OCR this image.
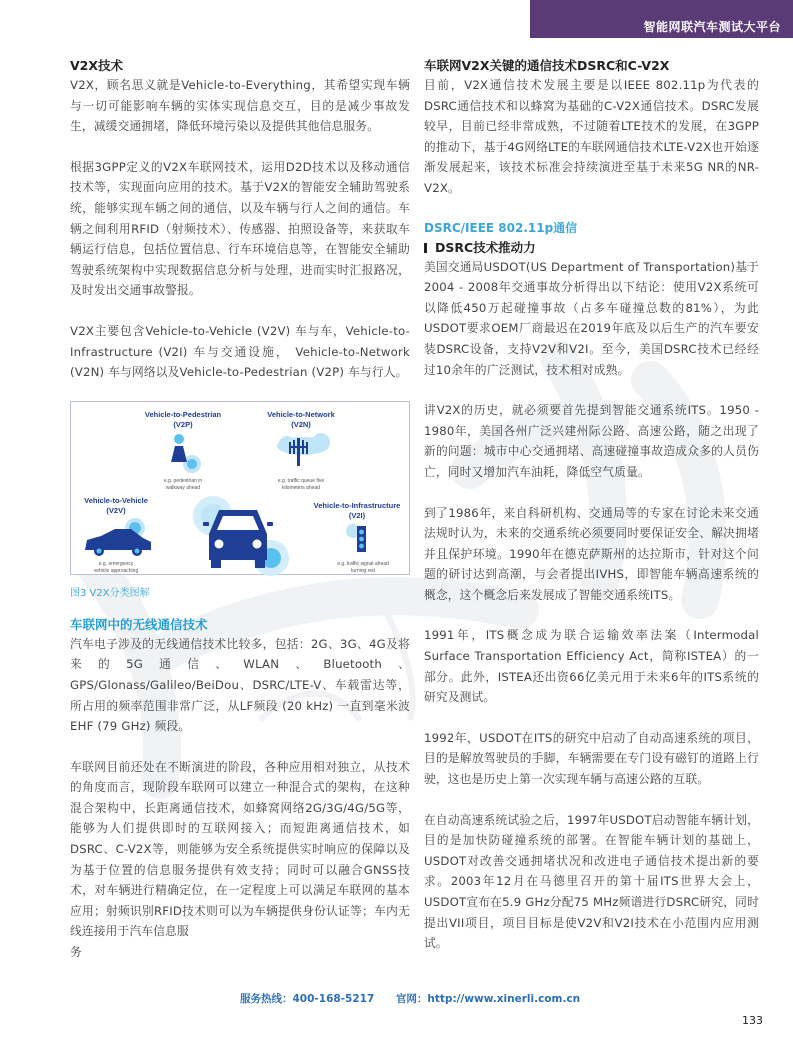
智能网联汽车测试大平台
V2X技术

V2X，顾名思义就是Vehicle-to-Everything，其希望实现车辆与一切可能影响车辆的实体实现信息交互，目的是减少事故发生，减缓交通拥堵，降低环境污染以及提供其他信息服务。

根据3GPP定义的V2X车联网技术，运用D2D技术以及移动通信技术等，实现面向应用的技术。基于V2X的智能安全辅助驾驶系统，能够实现车辆之间的通信，以及车辆与行人之间的通信。车辆之间利用RFID（射频技术）、传感器、拍照设备等，来获取车辆运行信息，包括位置信息、行车环境信息等，在智能安全辅助驾驶系统架构中实现数据信息分析与处理，进而实时汇报路况，及时发出交通事故警报。

V2X主要包含Vehicle-to-Vehicle (V2V) 车与车，Vehicle-to-Infrastructure (V2I) 车与交通设施， Vehicle-to-Network (V2N) 车与网络以及Vehicle-to-Pedestrian (V2P) 车与行人。

Vehicle-to-Pedestrian
(V2P)
e.g. pedestrian in
walkway ahead
Vehicle-to-Network
(V2N)
e.g. traffic queue five
kilometers ahead
Vehicle-to-Vehicle
(V2V)
e.g. emergency
vehicle approaching
Vehicle-to-Infrastructure
(V2I)
e.g. traffic signal ahead
turning red
图3 V2X分类图解
车联网中的无线通信技术

汽车电子涉及的无线通信技术比较多，包括：2G、3G、4G及将来的5G通信、WLAN、Bluetooth、GPS/Glonass/Galileo/BeiDou、DSRC/LTE-V、车载雷达等，所占用的频率范围非常广泛，从LF频段 (20 kHz) 一直到毫米波EHF (79 GHz) 频段。

车联网目前还处在不断演进的阶段，各种应用相对独立，从技术的角度而言，现阶段车联网可以建立一种混合式的架构，在这种混合架构中，长距离通信技术，如蜂窝网络2G/3G/4G/5G等，能够为人们提供即时的互联网接入；而短距离通信技术，如DSRC、C-V2X等，则能够为安全系统提供实时响应的保障以及为基于位置的信息服务提供有效支持；同时可以融合GNSS技术，对车辆进行精确定位，在一定程度上可以满足车联网的基本应用；射频识别RFID技术则可以为车辆提供身份认证等；车内无线连接用于汽车信息服

务

车联网V2X关键的通信技术DSRC和C-V2X

目前，V2X通信技术发展主要是以IEEE 802.11p为代表的DSRC通信技术和以蜂窝为基础的C-V2X通信技术。DSRC发展较早，目前已经非常成熟，不过随着LTE技术的发展，在3GPP的推动下，基于4G网络LTE的车联网通信技术LTE-V2X也开始逐渐发展起来，该技术标准会持续演进至基于未来5G NR的NR-V2X。

DSRC/IEEE 802.11p通信
DSRC技术推动力

美国交通局USDOT(US Department of Transportation)基于2004 - 2008年交通事故分析得出以下结论：使用V2X系统可以降低450万起碰撞事故（占多车碰撞总数的81%），为此USDOT要求OEM厂商最迟在2019年底及以后生产的汽车要安装DSRC设备，支持V2V和V2I。至今，美国DSRC技术已经经过10余年的广泛测试，技术相对成熟。

讲V2X的历史，就必须要首先提到智能交通系统ITS。1950 - 1980年，美国各州广泛兴建州际公路、高速公路，随之出现了新的问题：城市中心交通拥堵、高速碰撞事故造成众多的人员伤亡，同时又增加汽车油耗，降低空气质量。

到了1986年，来自科研机构、交通局等的专家在讨论未来交通法规时认为，未来的交通系统必须要同时要保证安全、解决拥堵并且保护环境。1990年在德克萨斯州的达拉斯市，针对这个问题的研讨达到高潮，与会者提出IVHS，即智能车辆高速系统的概念，这个概念后来发展成了智能交通系统ITS。

1991年，ITS概念成为联合运输效率法案（Intermodal Surface Transportation Efficiency Act，简称ISTEA）的一部分。此外，ISTEA还出资66亿美元用于未来6年的ITS系统的研究及测试。

1992年，USDOT在ITS的研究中启动了自动高速系统的项目，目的是解放驾驶员的手脚，车辆需要在专门设有磁钉的道路上行驶，这也是历史上第一次实现车辆与高速公路的互联。

在自动高速系统试验之后，1997年USDOT启动智能车辆计划，目的是加快防碰撞系统的部署。在智能车辆计划的基础上，USDOT对改善交通拥堵状况和改进电子通信技术提出新的要求。2003年12月在马德里召开的第十届ITS世界大会上，USDOT宣布在5.9 GHz分配75 MHz频谱进行DSRC研究，同时提出VII项目，项目目标是使V2V和V2I技术在小范围内应用测试。

服务热线：400-168-5217 官网：http://www.xinerli.com.cn
133
